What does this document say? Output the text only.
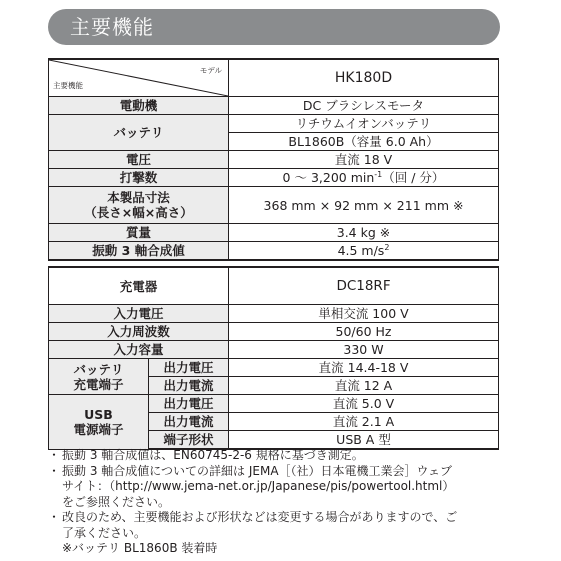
主要機能
モデル
主要機能	HK180D
電動機	DC ブラシレスモータ
バッテリ	リチウムイオンバッテリ
	BL1860B（容量 6.0 Ah）
電圧	直流 18 V
打撃数	0 ～ 3,200 $\min^{-1}$（回 / 分）

本製品寸法
（長さ×幅×高さ）	368 mm × 92 mm × 211 mm ※
質量	3.4 kg ※
振動 3 軸合成値	4.5 $m/s^2$
充電器		DC18RF
入力電圧		単相交流 100 V
入力周波数		50/60 Hz
入力容量		330 W

バッテリ
充電端子	出力電圧	直流 14.4-18 V
	出力電流	直流 12 A

USB
電源端子	出力電圧	直流 5.0 V
	出力電流	直流 2.1 A
	端子形状	USB A 型

・ 振動 3 軸合成値は、EN60745-2-6 規格に基づき測定。

・ 振動 3 軸合成値についての詳細は JEMA［（社）日本電機工業会］ウェブ

サイト：（http://www.jema-net.or.jp/Japanese/pis/powertool.html）

をご参照ください。

・ 改良のため、主要機能および形状などは変更する場合がありますので、ご

了承ください。

※バッテリ BL1860B 装着時
